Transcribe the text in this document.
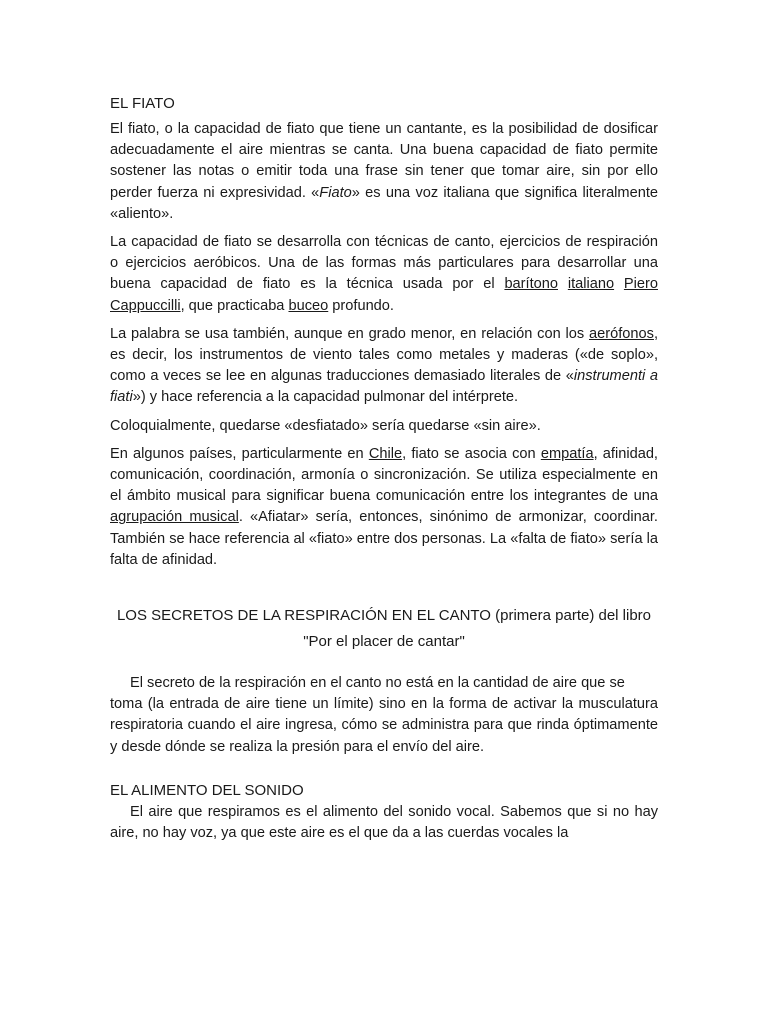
EL FIATO

El fiato, o la capacidad de fiato que tiene un cantante, es la posibilidad de dosificar adecuadamente el aire mientras se canta. Una buena capacidad de fiato permite sostener las notas o emitir toda una frase sin tener que tomar aire, sin por ello perder fuerza ni expresividad. «Fiato» es una voz italiana que significa literalmente «aliento».

La capacidad de fiato se desarrolla con técnicas de canto, ejercicios de respiración o ejercicios aeróbicos. Una de las formas más particulares para desarrollar una buena capacidad de fiato es la técnica usada por el barítono italiano Piero Cappuccilli, que practicaba buceo profundo.

La palabra se usa también, aunque en grado menor, en relación con los aerófonos, es decir, los instrumentos de viento tales como metales y maderas («de soplo», como a veces se lee en algunas traducciones demasiado literales de «instrumenti a fiati») y hace referencia a la capacidad pulmonar del intérprete.

Coloquialmente, quedarse «desfiatado» sería quedarse «sin aire».

En algunos países, particularmente en Chile, fiato se asocia con empatía, afinidad, comunicación, coordinación, armonía o sincronización. Se utiliza especialmente en el ámbito musical para significar buena comunicación entre los integrantes de una agrupación musical. «Afiatar» sería, entonces, sinónimo de armonizar, coordinar. También se hace referencia al «fiato» entre dos personas. La «falta de fiato» sería la falta de afinidad.

LOS SECRETOS DE LA RESPIRACIÓN EN EL CANTO (primera parte) del libro
"Por el placer de cantar"

El secreto de la respiración en el canto no está en la cantidad de aire que se

toma (la entrada de aire tiene un límite) sino en la forma de activar la musculatura respiratoria cuando el aire ingresa, cómo se administra para que rinda óptimamente y desde dónde se realiza la presión para el envío del aire.

EL ALIMENTO DEL SONIDO

El aire que respiramos es el alimento del sonido vocal. Sabemos que si no hay aire, no hay voz, ya que este aire es el que da a las cuerdas vocales la
